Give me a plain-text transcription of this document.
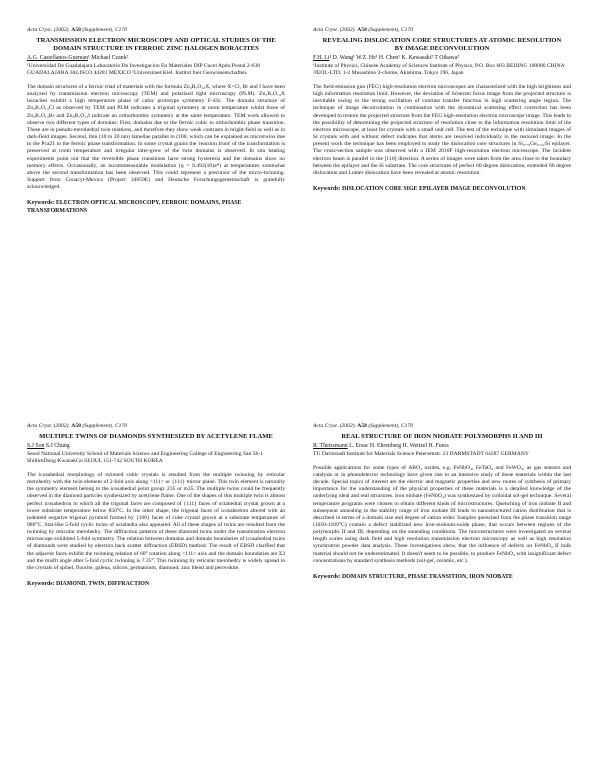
Acta Cryst. (2002). A58 (Supplement), C170
TRANSMISSION ELECTRON MICROSCOPY AND OPTICAL STUDIES OF THE DOMAIN STRUCTURE IN FERROIC ZINC HALOGEN BORACITES
A.G. Castellanos-Guzman¹ Michael Czank²
¹Universidad De Guadalajara Laboratorio De Investigacion En Materiales DIP Cucei Apdo.Postal 2-638 GUADALAJARA JALISCO 44281 MEXICO ²Universitaet Kiel. Institut fuer Geowissenschaften.

The domain structures of a ferroic triad of materials with the formula Zn₃B₇O₁₃X, where X=Cl, Br and I have been analyzed by transmission electron microscopy (TEM) and polarized light microscopy (PLM). Zn₃B₇O₁₃X boracites exhibit a high temperature phase of cubic prototype symmetry F-43c. The domain structure of Zn₃B₇O₁₃Cl as observed by TEM and PLM indicates a trigonal symmetry at room temperature whilst those of Zn₃B₇O₁₃Br and Zn₃B₇O₁₃I indicate an orthorhombic symmetry at the same temperature. TEM work allowed to observe two different types of domains: First, domains due to the ferroic cubic to orthorhombic phase transition. These are in pseudo-merohedral twin relations, and therefore they show weak contrasts in bright-field as well as in dark-field images. Second, thin (10 to 20 nm) lamellae parallel to (100, which can be explained as microtwins due to the Pca21 to the ferroic phase transformation. In some crystal grains the 'reaction front' of the transformation is preserved at room temperature and irregular inter-grow of the twin domains is observed. In situ heating experiments point out that the reversible phase transitions have strong hysteresis and the domains show no memory effects. Occasionally, an incommensurable modulation (q = 0.492(10)a*) at temperatures somewhat above the second transformation has been observed. This could represent a precursor of the micro-twinning. Support from Conacyt-Mexico (Project 34959E) and Deutsche Forschungsgemeinschaft is gratefully acknowledged.

Keywords: ELECTRON OPTICAL MICROSCOPY, FERROIC DOMAINS, PHASE TRANSFORMATIONS
Acta Cryst. (2002). A58 (Supplement), C170
REVEALING DISLOCATION CORE STRUCTURES AT ATOMIC RESOLUTION BY IMAGE DECONVOLUTION
F.H. Li¹ D. Wang¹ W.Z. He¹ H. Chen¹ K. Kawasaki² T Oikawa²
¹Institute of Physics, Chinese Academy of Sciences Institute of Physics, P.O. Box 603 BEIJING 100080 CHINA ²JEOL-LTD, 1-2 Musashino 3-chome, Akishima, Tokyo 196, Japan

The field-emission gun (FEG) high-resolution electron microscopes are characterized with the high brightness and high information resolution limit. However, the deviation of Scherzer focus image from the projected structure is inevitable owing to the strong oscillation of contrast transfer function in high scattering angle region. The technique of image deconvolution in combination with the dynamical scattering effect correction has been developed to restore the projected structure from the FEG high-resolution electron microscope image. This leads to the possibility of determining the projected structure of resolution close to the information resolution limit of the electron microscope, at least for crystals with a small unit cell. The test of the technique with simulated images of Si crystals with and without defect indicates that atoms are resolved individually in the restored image. In the present work the technique has been employed to study the dislocation core structures in Si₀.₇₆Ge₀.₂₄/Si epilayer. The cross-section sample was observed with a JEM 2010F high-resolution electron microscope. The incident electron beam is parallel to the [110] direction. A series of images were taken from the area close to the boundary between the epilayer and the Si substrate. The core structures of perfect 60 degree dislocation, extended 60 degree dislocation and Lomer dislocation have been revealed at atomic resolution.

Keywords: DISLOCATION CORE SIGE EPILAYER IMAGE DECONVOLUTION
Acta Cryst. (2002). A58 (Supplement), C170
MULTIPLE TWINS OF DIAMONDS SYNTHESIZED BY ACETYLENE FLAME
S.J Son S.J Chung
Seoul National University School of Materials Science and Engineering College of Engineering San 56-1 ShillimDong KwanakGu SEOUL 151-742 SOUTH KOREA

The icosahedral morphology of twinned cubic crystals is resulted from the multiple twinning by reticular merohedry with the twin element of 2-fold axis along <111> or {111} mirror plane. This twin element is naturally the symmetry element belong to the icosahedral point group: 235 or m35. The multiple twins could be frequently observed in the diamond particles synthesized by acetylene flame. One of the shapes of this multiple twin is almost perfect icosahedron in which all the trigonal faces are composed of {111} faces of octahedral crystal grown at a lower substrate temperature below 850°C. In the other shape, the trigonal faces of icosahedron altered with an indented negative trigonal pyramid formed by {100} faces of cube crystal grown at a substrate temperature of 980°C. Star-like 5-fold cyclic twins of octahedra also appeared. All of these shapes of twins are resulted from the twinning by reticular merohedry. The diffraction patterns of these diamond twins under the transmission electron microscope exhibited 5-fold symmetry. The relation between domains and domain boundaries of icosahedral twins of diamonds were studied by electron back scatter diffraction (EBSD) method. The result of EBSD clarified that the adjacent faces exhibit the twinning relation of 60° rotation along <111> axis and the domain boundaries are Σ3 and the misfit angle after 5-fold cyclic twinning is 7.35°. This twinning by reticular merohedry is widely spread in the crystals of spinel, fluorite, galena, silicon, germanium, diamond, zinc blend and perovskite.

Keywords: DIAMOND, TWIN, DIFFRACTION
Acta Cryst. (2002). A58 (Supplement), C170
REAL STRUCTURE OF IRON NIOBATE POLYMORPHS II AND III
R. Theissmann L. Ersac H. Ehrenberg H. Weitzel H. Fuess
TU Darmstadt Institute for Materials Science Petersenstr. 23 DARMSTADT 64287 GERMANY

Possible applications for some types of ABO₄ oxides, e.g. FeNbO₄, FeTaO₄ and FeWO₄, as gas sensors and catalysts or in photodetector technology have given rise to an intensive study of these materials within the last decade. Special topics of interest are the electric and magnetic properties and new routes of synthesis of primary importance for the understanding of the physical properties of these materials is a detailed knowledge of the underlying ideal and real structures. Iron niobate (FeNbO₄) was synthesized by colloidal sol-gel technique. Several temperature programs were chosen to obtain different kinds of microstructures. Quenching of iron niobate II and subsequent annealing in the stability range of iron niobate III leads to nanostructured cation distribution that is described in terms of a domain size and degree of cation order. Samples quenched from the phase transition range (1050-1100°C) contain a defect stabilized new iron-niobium-oxide phase, that occurs between regions of the polymorphs II and III, depending on the annealing conditions. The microstructures were investigated on several length scales using dark field and high resolution transmission electron microscopy as well as high resolution synchrotron powder data analysis. These investigations show, that the influence of defects on FeNbO₄ II bulk material should not be underestimated. It doesn't seem to be possible, to produce FeNbO₄ with insignificant defect concentrations by standard synthesis methods (sol-gel, ceramic, etc.).

Keywords: DOMAIN STRUCTURE, PHASE TRANSITION, IRON NIOBATE
